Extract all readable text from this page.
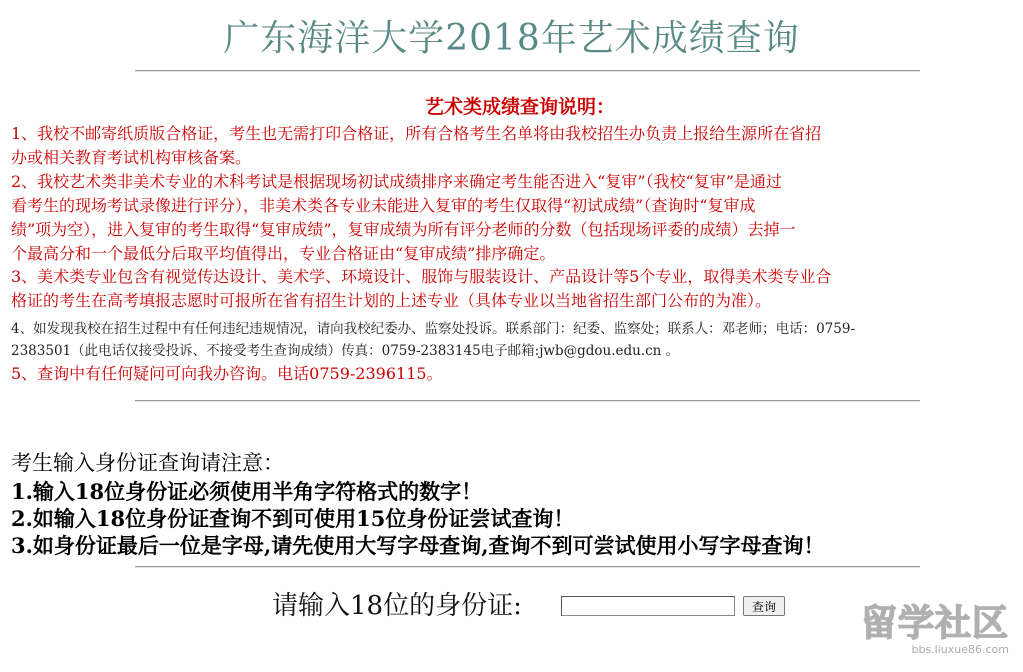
广东海洋大学2018年艺术成绩查询
艺术类成绩查询说明：
1、我校不邮寄纸质版合格证，考生也无需打印合格证，所有合格考生名单将由我校招生办负责上报给生源所在省招
办或相关教育考试机构审核备案。
2、我校艺术类非美术专业的术科考试是根据现场初试成绩排序来确定考生能否进入“复审”（我校“复审”是通过
看考生的现场考试录像进行评分），非美术类各专业未能进入复审的考生仅取得“初试成绩”（查询时“复审成
绩”项为空），进入复审的考生取得“复审成绩”，复审成绩为所有评分老师的分数（包括现场评委的成绩）去掉一
个最高分和一个最低分后取平均值得出，专业合格证由“复审成绩”排序确定。
3、美术类专业包含有视觉传达设计、美术学、环境设计、服饰与服装设计、产品设计等5个专业，取得美术类专业合
格证的考生在高考填报志愿时可报所在省有招生计划的上述专业（具体专业以当地省招生部门公布的为准）。
4、如发现我校在招生过程中有任何违纪违规情况，请向我校纪委办、监察处投诉。联系部门：纪委、监察处；联系人：邓老师；电话：0759-
2383501（此电话仅接受投诉、不接受考生查询成绩）传真：0759-2383145电子邮箱:jwb@gdou.edu.cn 。
5、查询中有任何疑问可向我办咨询。电话0759-2396115。
考生输入身份证查询请注意：
1.输入18位身份证必须使用半角字符格式的数字！
2.如输入18位身份证查询不到可使用15位身份证尝试查询！
3.如身份证最后一位是字母,请先使用大写字母查询,查询不到可尝试使用小写字母查询！
请输入18位的身份证:	查询	留学社区
bbs.liuxue86.com
